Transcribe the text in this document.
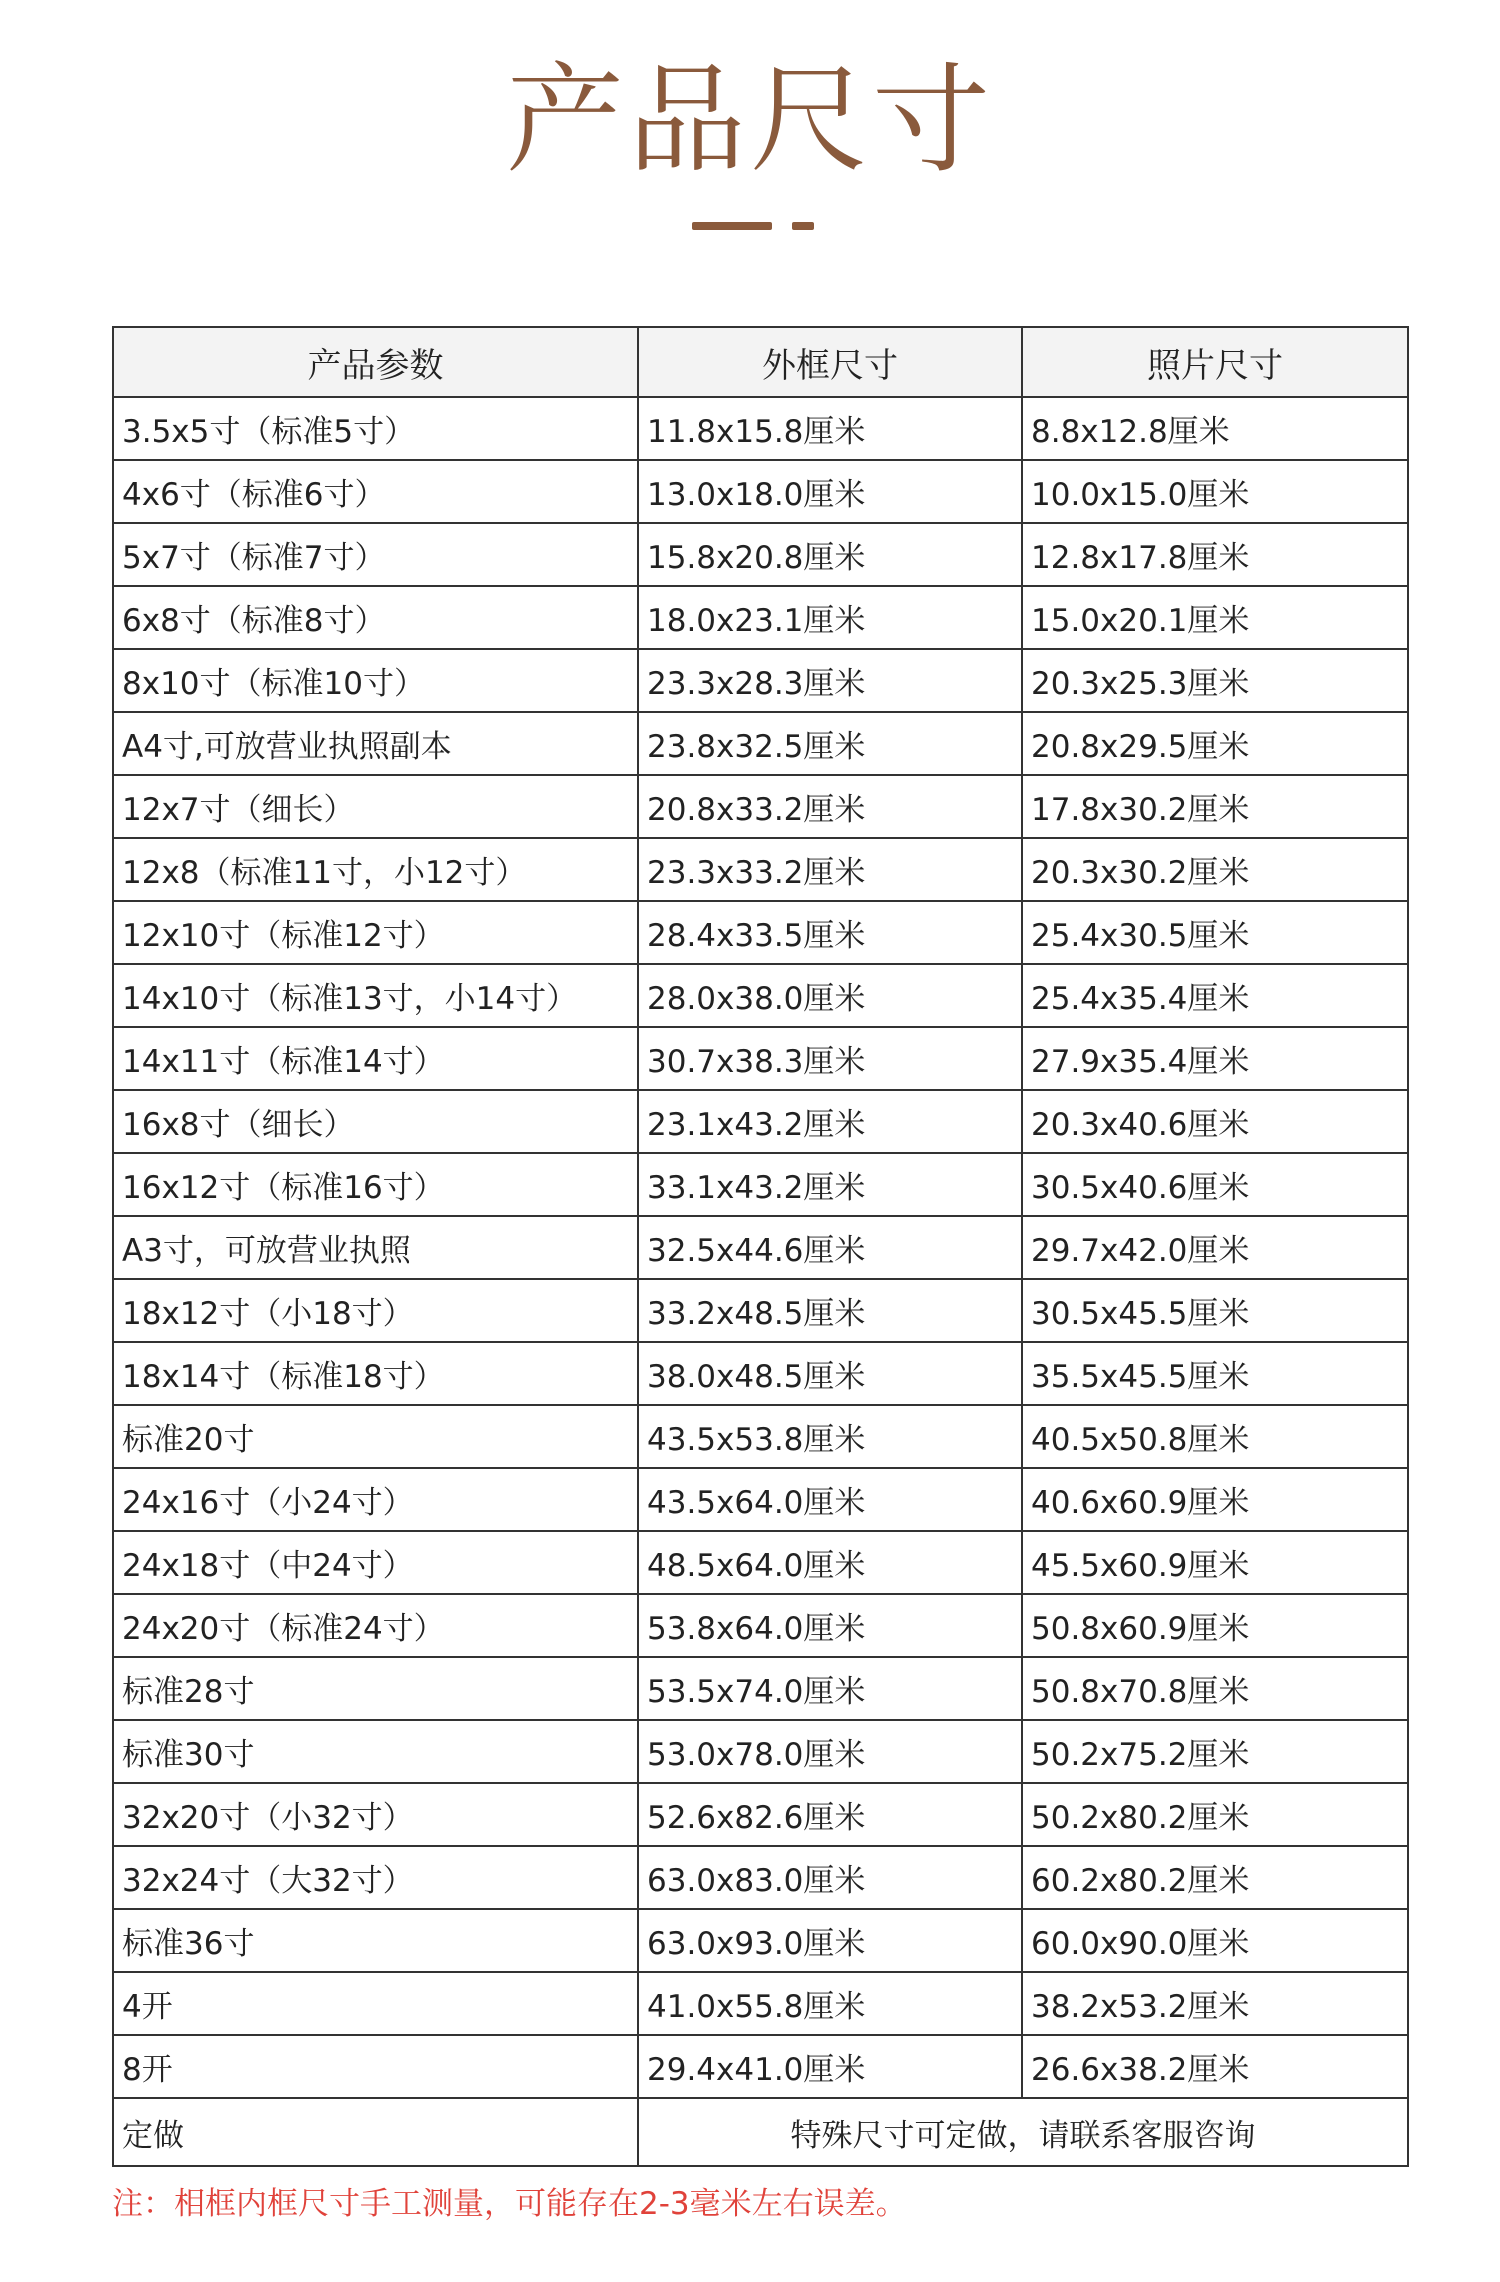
产品尺寸
产品参数	外框尺寸	照片尺寸
3.5x5寸（标准5寸）	11.8x15.8厘米	8.8x12.8厘米
4x6寸（标准6寸）	13.0x18.0厘米	10.0x15.0厘米
5x7寸（标准7寸）	15.8x20.8厘米	12.8x17.8厘米
6x8寸（标准8寸）	18.0x23.1厘米	15.0x20.1厘米
8x10寸（标准10寸）	23.3x28.3厘米	20.3x25.3厘米
A4寸,可放营业执照副本	23.8x32.5厘米	20.8x29.5厘米
12x7寸（细长）	20.8x33.2厘米	17.8x30.2厘米
12x8（标准11寸，小12寸）	23.3x33.2厘米	20.3x30.2厘米
12x10寸（标准12寸）	28.4x33.5厘米	25.4x30.5厘米
14x10寸（标准13寸，小14寸）	28.0x38.0厘米	25.4x35.4厘米
14x11寸（标准14寸）	30.7x38.3厘米	27.9x35.4厘米
16x8寸（细长）	23.1x43.2厘米	20.3x40.6厘米
16x12寸（标准16寸）	33.1x43.2厘米	30.5x40.6厘米
A3寸，可放营业执照	32.5x44.6厘米	29.7x42.0厘米
18x12寸（小18寸）	33.2x48.5厘米	30.5x45.5厘米
18x14寸（标准18寸）	38.0x48.5厘米	35.5x45.5厘米
标准20寸	43.5x53.8厘米	40.5x50.8厘米
24x16寸（小24寸）	43.5x64.0厘米	40.6x60.9厘米
24x18寸（中24寸）	48.5x64.0厘米	45.5x60.9厘米
24x20寸（标准24寸）	53.8x64.0厘米	50.8x60.9厘米
标准28寸	53.5x74.0厘米	50.8x70.8厘米
标准30寸	53.0x78.0厘米	50.2x75.2厘米
32x20寸（小32寸）	52.6x82.6厘米	50.2x80.2厘米
32x24寸（大32寸）	63.0x83.0厘米	60.2x80.2厘米
标准36寸	63.0x93.0厘米	60.0x90.0厘米
4开	41.0x55.8厘米	38.2x53.2厘米
8开	29.4x41.0厘米	26.6x38.2厘米
定做	特殊尺寸可定做，请联系客服咨询	
注：相框内框尺寸手工测量，可能存在2-3毫米左右误差。
